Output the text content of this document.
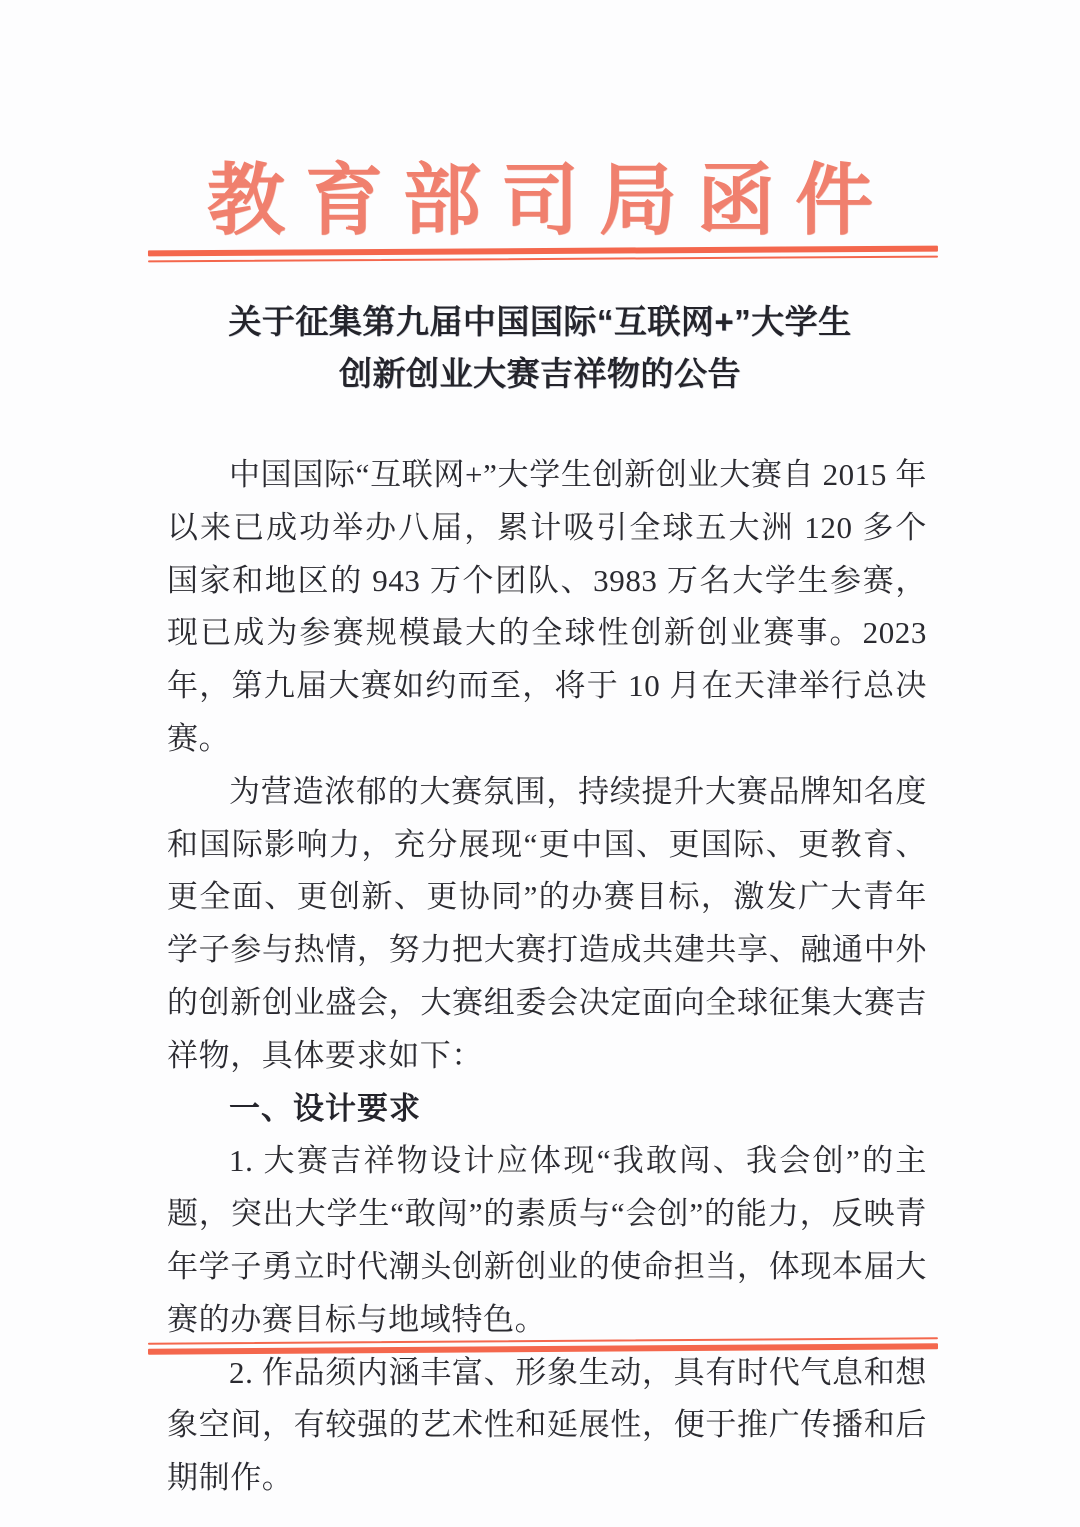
教育部司局函件
关于征集第九届中国国际“互联网+”大学生
创新创业大赛吉祥物的公告

中国国际“互联网+”大学生创新创业大赛自 2015 年以来已成功举办八届，累计吸引全球五大洲 120 多个国家和地区的 943 万个团队、3983 万名大学生参赛，现已成为参赛规模最大的全球性创新创业赛事。2023 年，第九届大赛如约而至，将于 10 月在天津举行总决赛。

为营造浓郁的大赛氛围，持续提升大赛品牌知名度和国际影响力，充分展现“更中国、更国际、更教育、更全面、更创新、更协同”的办赛目标，激发广大青年学子参与热情，努力把大赛打造成共建共享、融通中外的创新创业盛会，大赛组委会决定面向全球征集大赛吉祥物，具体要求如下：

一、设计要求

1. 大赛吉祥物设计应体现“我敢闯、我会创”的主题，突出大学生“敢闯”的素质与“会创”的能力，反映青年学子勇立时代潮头创新创业的使命担当，体现本届大赛的办赛目标与地域特色。

2. 作品须内涵丰富、形象生动，具有时代气息和想象空间，有较强的艺术性和延展性，便于推广传播和后期制作。
